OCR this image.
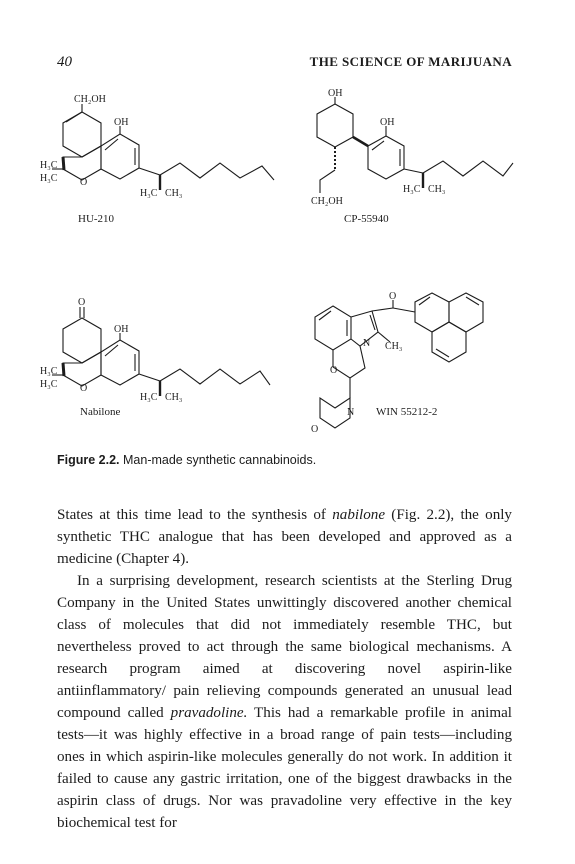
40	THE SCIENCE OF MARIJUANA
CH₂OH
OH
H₃C
H₃C O
H₃C CH₃
HU-210
OH
OH
CH₂OH
H₃C CH₃
CP-55940
O
OH
H₃C
H₃C O
H₃C CH₃
Nabilone
O
N CH₃
O
N
O
WIN 55212-2
Figure 2.2. Man-made synthetic cannabinoids.

States at this time lead to the synthesis of nabilone (Fig. 2.2), the only synthetic THC analogue that has been developed and approved as a medicine (Chapter 4).

In a surprising development, research scientists at the Sterling Drug Company in the United States unwittingly discovered another chemical class of molecules that did not immediately resemble THC, but nevertheless proved to act through the same biological mechanisms. A research program aimed at discovering novel aspirin-like antiinflammatory/ pain relieving compounds generated an unusual lead compound called pravadoline. This had a remarkable profile in animal tests—it was highly effective in a broad range of pain tests—including ones in which aspirin-like molecules generally do not work. In addition it failed to cause any gastric irritation, one of the biggest drawbacks in the aspirin class of drugs. Nor was pravadoline very effective in the key biochemical test for
